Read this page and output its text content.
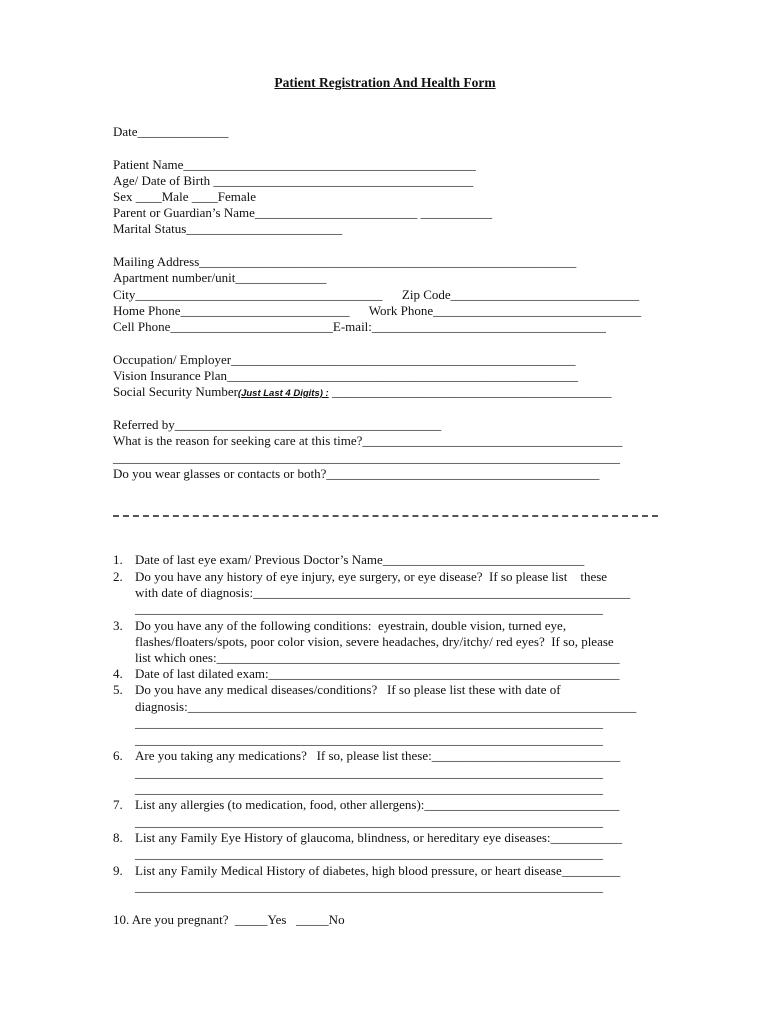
Patient Registration And Health Form
Date______________
Patient Name_____________________________________________
Age/ Date of Birth ________________________________________
Sex ____Male ____Female
Parent or Guardian’s Name_________________________ ___________
Marital Status________________________
Mailing Address__________________________________________________________
Apartment number/unit______________
City______________________________________      Zip Code_____________________________
Home Phone__________________________      Work Phone________________________________
Cell Phone_________________________E-mail:____________________________________
Occupation/ Employer_____________________________________________________
Vision Insurance Plan______________________________________________________
Social Security Number(Just Last 4 Digits) : ___________________________________________
Referred by_________________________________________
What is the reason for seeking care at this time?________________________________________
______________________________________________________________________________
Do you wear glasses or contacts or both?__________________________________________
1. Date of last eye exam/ Previous Doctor’s Name_______________________________
2. Do you have any history of eye injury, eye surgery, or eye disease?  If so please list    these
with date of diagnosis:__________________________________________________________
________________________________________________________________________
3. Do you have any of the following conditions:  eyestrain, double vision, turned eye,
flashes/floaters/spots, poor color vision, severe headaches, dry/itchy/ red eyes?  If so, please
list which ones:______________________________________________________________
4. Date of last dilated exam:______________________________________________________
5. Do you have any medical diseases/conditions?   If so please list these with date of
diagnosis:_____________________________________________________________________
________________________________________________________________________
________________________________________________________________________
6. Are you taking any medications?   If so, please list these:_____________________________
________________________________________________________________________
________________________________________________________________________
7. List any allergies (to medication, food, other allergens):______________________________
________________________________________________________________________
8. List any Family Eye History of glaucoma, blindness, or hereditary eye diseases:___________
________________________________________________________________________
9. List any Family Medical History of diabetes, high blood pressure, or heart disease_________
________________________________________________________________________
10. Are you pregnant?  _____Yes   _____No
